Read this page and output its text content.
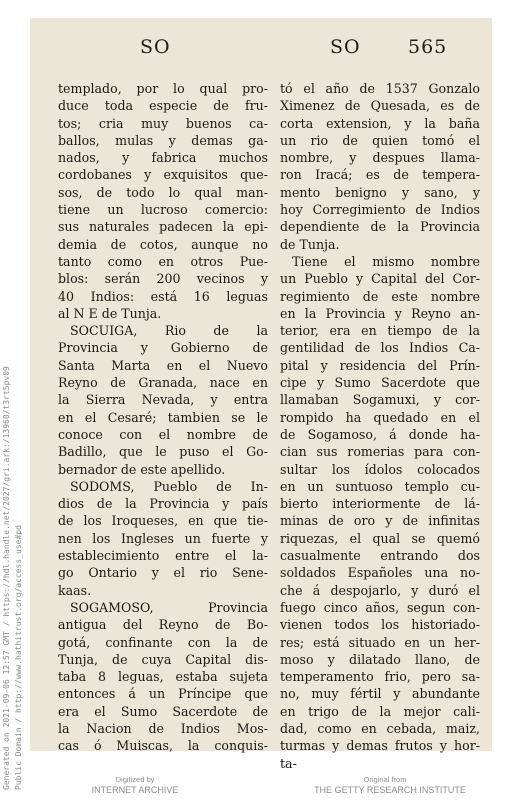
SO	SO 565
templado, por lo qual pro-
duce toda especie de fru-
tos; cria muy buenos ca-
ballos, mulas y demas ga-
nados, y fabrica muchos
cordobanes y exquisitos que-
sos, de todo lo qual man-
tiene un lucroso comercio:
sus naturales padecen la epi-
demia de cotos, aunque no
tanto como en otros Pue-
blos: serán 200 vecinos y
40 Indios: está 16 leguas
al N E de Tunja.
SOCUIGA, Rio de la
Provincia y Gobierno de
Santa Marta en el Nuevo
Reyno de Granada, nace en
la Sierra Nevada, y entra
en el Cesaré; tambien se le
conoce con el nombre de
Badillo, que le puso el Go-
bernador de este apellido.
SODOMS, Pueblo de In-
dios de la Provincia y país
de los Iroqueses, en que tie-
nen los Ingleses un fuerte y
establecimiento entre el la-
go Ontario y el rio Sene-
kaas.
SOGAMOSO, Provincia
antigua del Reyno de Bo-
gotá, confinante con la de
Tunja, de cuya Capital dis-
taba 8 leguas, estaba sujeta
entonces á un Príncipe que
era el Sumo Sacerdote de
la Nacion de Indios Mos-
cas ó Muiscas, la conquis-
tó el año de 1537 Gonzalo
Ximenez de Quesada, es de
corta extension, y la baña
un rio de quien tomó el
nombre, y despues llama-
ron Iracá; es de tempera-
mento benigno y sano, y
hoy Corregimiento de Indios
dependiente de la Provincia
de Tunja.
Tiene el mismo nombre
un Pueblo y Capital del Cor-
regimiento de este nombre
en la Provincia y Reyno an-
terior, era en tiempo de la
gentilidad de los Indios Ca-
pital y residencia del Prín-
cipe y Sumo Sacerdote que
llamaban Sogamuxi, y cor-
rompido ha quedado en el
de Sogamoso, á donde ha-
cian sus romerias para con-
sultar los ídolos colocados
en un suntuoso templo cu-
bierto interiormente de lá-
minas de oro y de infinitas
riquezas, el qual se quemó
casualmente entrando dos
soldados Españoles una no-
che á despojarlo, y duró el
fuego cinco años, segun con-
vienen todos los historiado-
res; está situado en un her-
moso y dilatado llano, de
temperamento frio, pero sa-
no, muy fértil y abundante
en trigo de la mejor cali-
dad, como en cebada, maiz,
turmas y demas frutos y hor-
ta-
Generated on 2021-09-06 12:57 GMT / https://hdl.handle.net/2027/gri.ark:/13960/t3rt5pv09 Public Domain / http://www.hathitrust.org/access_use#pd	Digitized by
INTERNET ARCHIVE
Original from
THE GETTY RESEARCH INSTITUTE
